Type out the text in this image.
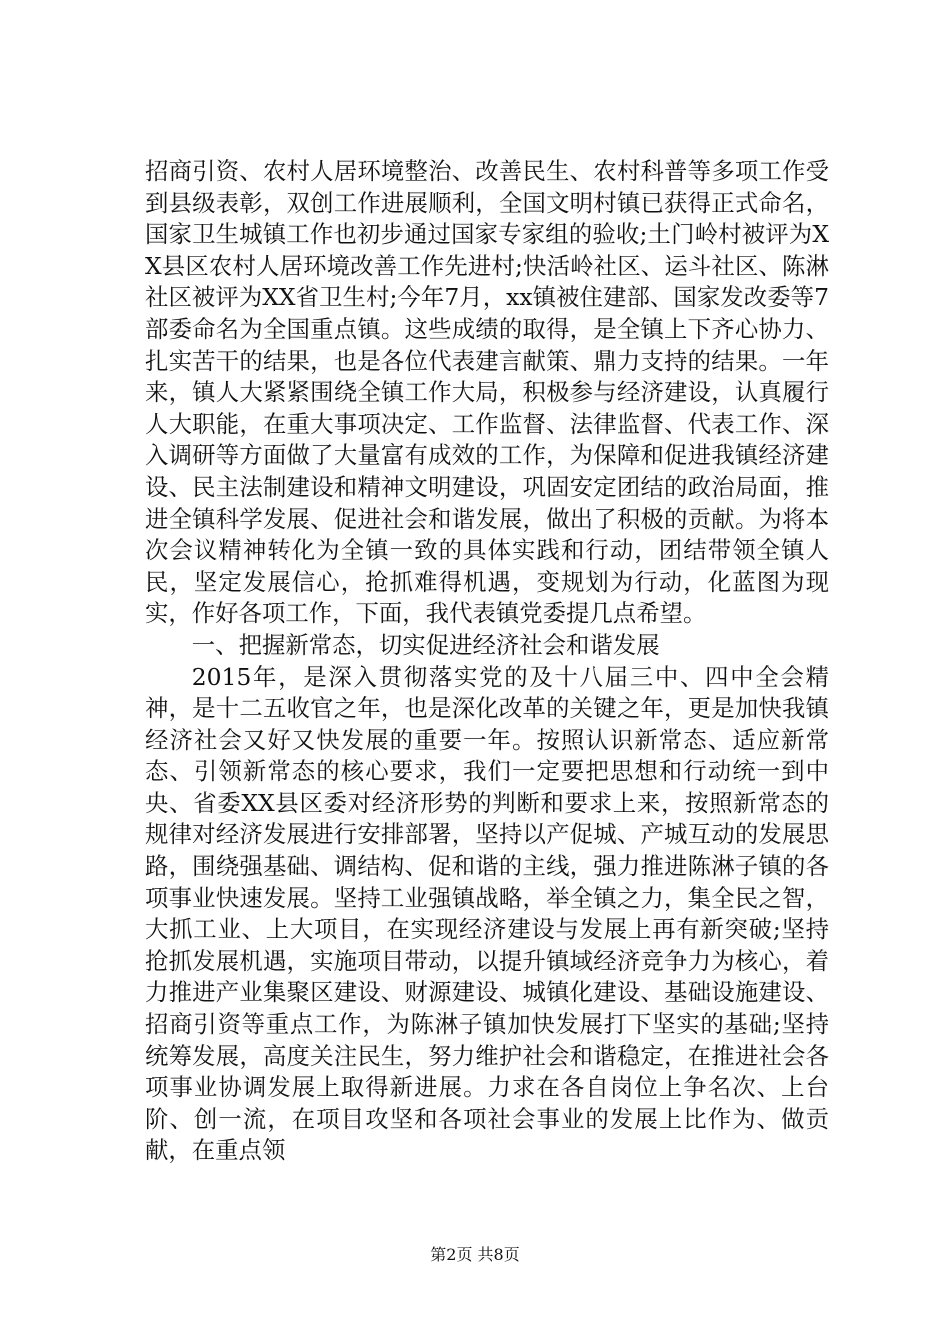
招商引资、农村人居环境整治、改善民生、农村科普等多项工作受到县级表彰，双创工作进展顺利，全国文明村镇已获得正式命名，国家卫生城镇工作也初步通过国家专家组的验收;土门岭村被评为XX县区农村人居环境改善工作先进村;快活岭社区、运斗社区、陈淋社区被评为XX省卫生村;今年7月，xx镇被住建部、国家发改委等7部委命名为全国重点镇。这些成绩的取得，是全镇上下齐心协力、扎实苦干的结果，也是各位代表建言献策、鼎力支持的结果。一年来，镇人大紧紧围绕全镇工作大局，积极参与经济建设，认真履行人大职能，在重大事项决定、工作监督、法律监督、代表工作、深入调研等方面做了大量富有成效的工作，为保障和促进我镇经济建设、民主法制建设和精神文明建设，巩固安定团结的政治局面，推进全镇科学发展、促进社会和谐发展，做出了积极的贡献。为将本次会议精神转化为全镇一致的具体实践和行动，团结带领全镇人民，坚定发展信心，抢抓难得机遇，变规划为行动，化蓝图为现实，作好各项工作，下面，我代表镇党委提几点希望。

一、把握新常态，切实促进经济社会和谐发展

2015年，是深入贯彻落实党的及十八届三中、四中全会精神，是十二五收官之年，也是深化改革的关键之年，更是加快我镇经济社会又好又快发展的重要一年。按照认识新常态、适应新常态、引领新常态的核心要求，我们一定要把思想和行动统一到中央、省委XX县区委对经济形势的判断和要求上来，按照新常态的规律对经济发展进行安排部署，坚持以产促城、产城互动的发展思路，围绕强基础、调结构、促和谐的主线，强力推进陈淋子镇的各项事业快速发展。坚持工业强镇战略，举全镇之力，集全民之智，大抓工业、上大项目，在实现经济建设与发展上再有新突破;坚持抢抓发展机遇，实施项目带动，以提升镇域经济竞争力为核心，着力推进产业集聚区建设、财源建设、城镇化建设、基础设施建设、招商引资等重点工作，为陈淋子镇加快发展打下坚实的基础;坚持统筹发展，高度关注民生，努力维护社会和谐稳定，在推进社会各项事业协调发展上取得新进展。力求在各自岗位上争名次、上台阶、创一流，在项目攻坚和各项社会事业的发展上比作为、做贡献，在重点领

第2页 共8页
